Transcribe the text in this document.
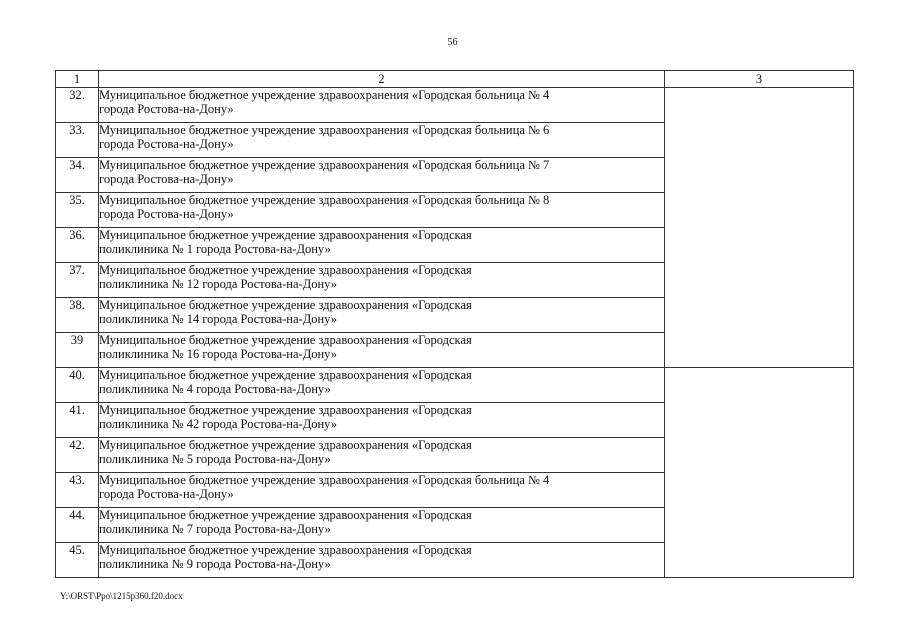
56
1	2	3
32.	Муниципальное бюджетное учреждение здравоохранения «Городская больница № 4
города Ростова-на-Дону»	

33.	Муниципальное бюджетное учреждение здравоохранения «Городская больница № 6
города Ростова-на-Дону»	

34.	Муниципальное бюджетное учреждение здравоохранения «Городская больница № 7
города Ростова-на-Дону»	

35.	Муниципальное бюджетное учреждение здравоохранения «Городская больница № 8
города Ростова-на-Дону»	

36.	Муниципальное бюджетное учреждение здравоохранения «Городская
поликлиника № 1 города Ростова-на-Дону»	

37.	Муниципальное бюджетное учреждение здравоохранения «Городская
поликлиника № 12 города Ростова-на-Дону»	

38.	Муниципальное бюджетное учреждение здравоохранения «Городская
поликлиника № 14 города Ростова-на-Дону»	

39	Муниципальное бюджетное учреждение здравоохранения «Городская
поликлиника № 16 города Ростова-на-Дону»	

40.	Муниципальное бюджетное учреждение здравоохранения «Городская
поликлиника № 4 города Ростова-на-Дону»	

41.	Муниципальное бюджетное учреждение здравоохранения «Городская
поликлиника № 42 города Ростова-на-Дону»	

42.	Муниципальное бюджетное учреждение здравоохранения «Городская
поликлиника № 5 города Ростова-на-Дону»	

43.	Муниципальное бюджетное учреждение здравоохранения «Городская больница № 4
города Ростова-на-Дону»	

44.	Муниципальное бюджетное учреждение здравоохранения «Городская
поликлиника № 7 города Ростова-на-Дону»	

45.	Муниципальное бюджетное учреждение здравоохранения «Городская
поликлиника № 9 города Ростова-на-Дону»	
Y:\ORST\Ppo\1215p360.f20.docx
